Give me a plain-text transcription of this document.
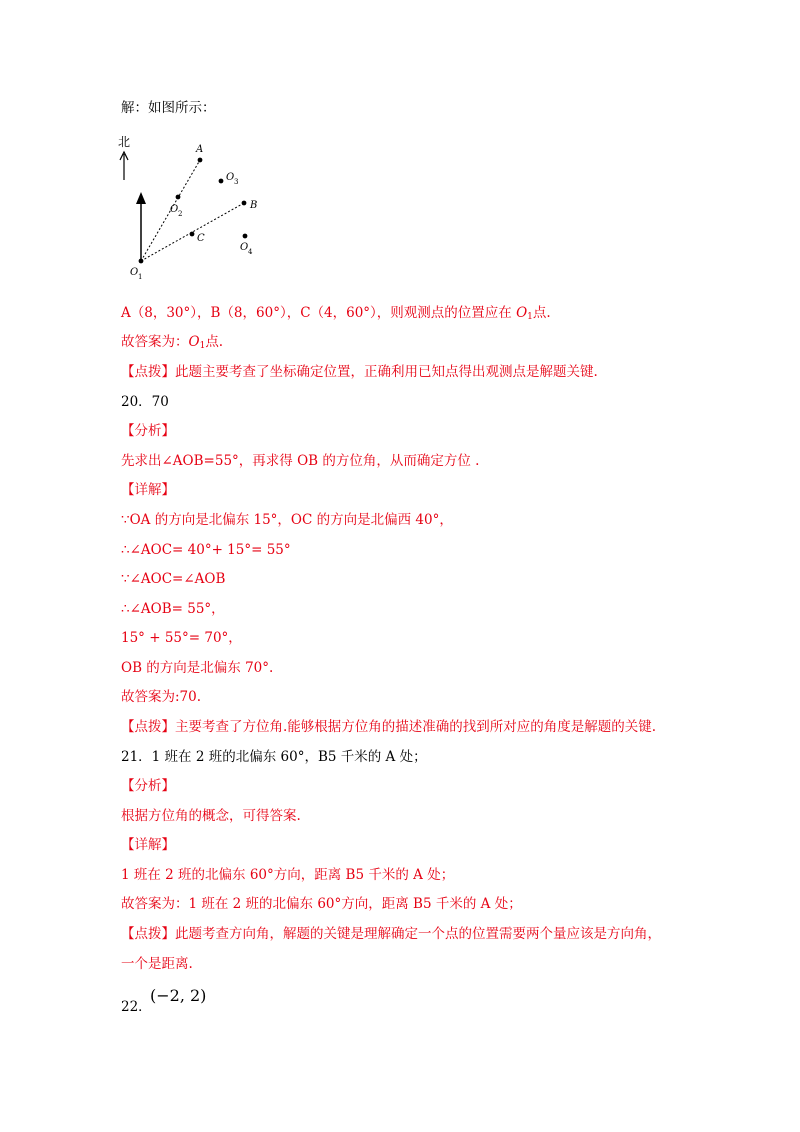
解：如图所示：
北
A
B
C
O 1
O 2
O 3
O 4
A（8，30°），B（8，60°），C（4，60°），则观测点的位置应在 $O_1$点.
故答案为：$O_1$点.
【点拨】此题主要考查了坐标确定位置，正确利用已知点得出观测点是解题关键.
20．70
【分析】
先求出∠AOB=55°，再求得 OB 的方位角，从而确定方位 .
【详解】
∵OA 的方向是北偏东 15°，OC 的方向是北偏西 40°，
∴∠AOC= 40°+ 15°= 55°
∵∠AOC=∠AOB
∴∠AOB= 55°，
15° + 55°= 70°，
OB 的方向是北偏东 70°.
故答案为:70.
【点拨】主要考查了方位角.能够根据方位角的描述准确的找到所对应的角度是解题的关键.
21．1 班在 2 班的北偏东 60°，B5 千米的 A 处；
【分析】
根据方位角的概念，可得答案.
【详解】
1 班在 2 班的北偏东 60°方向，距离 B5 千米的 A 处；
故答案为：1 班在 2 班的北偏东 60°方向，距离 B5 千米的 A 处；
【点拨】此题考查方向角，解题的关键是理解确定一个点的位置需要两个量应该是方向角，
一个是距离.
22．
(−2, 2)
